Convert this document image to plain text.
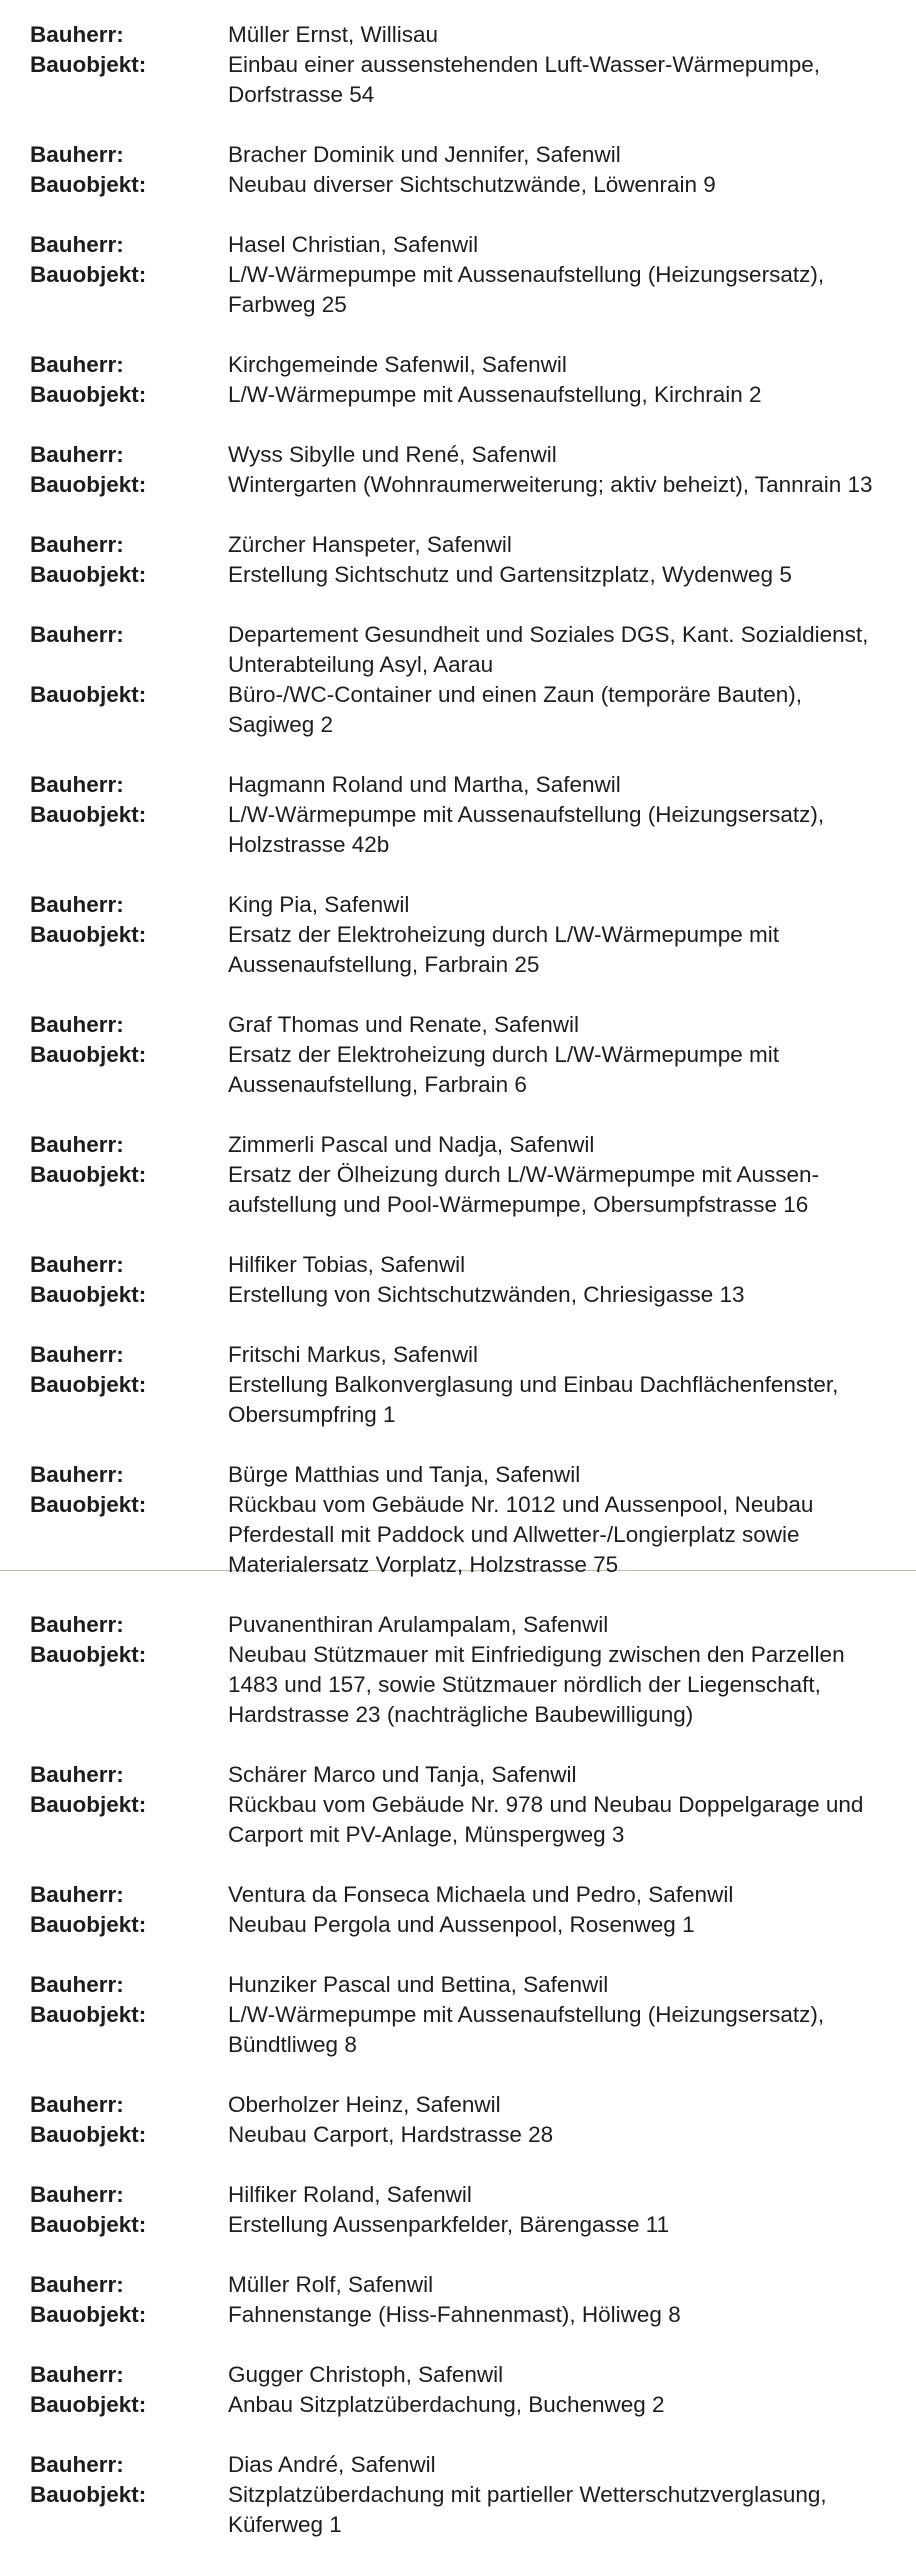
Bauherr:	Müller Ernst, Willisau
Bauobjekt:	Einbau einer aussenstehenden Luft-Wasser-Wärmepumpe,
Dorfstrasse 54
Bauherr:	Bracher Dominik und Jennifer, Safenwil
Bauobjekt:	Neubau diverser Sichtschutzwände, Löwenrain 9
Bauherr:	Hasel Christian, Safenwil
Bauobjekt:	L/W-Wärmepumpe mit Aussenaufstellung (Heizungsersatz),
Farbweg 25
Bauherr:	Kirchgemeinde Safenwil, Safenwil
Bauobjekt:	L/W-Wärmepumpe mit Aussenaufstellung, Kirchrain 2
Bauherr:	Wyss Sibylle und René, Safenwil
Bauobjekt:	Wintergarten (Wohnraumerweiterung; aktiv beheizt), Tannrain 13
Bauherr:	Zürcher Hanspeter, Safenwil
Bauobjekt:	Erstellung Sichtschutz und Gartensitzplatz, Wydenweg 5
Bauherr:	Departement Gesundheit und Soziales DGS, Kant. Sozialdienst,
Unterabteilung Asyl, Aarau
Bauobjekt:	Büro-/WC-Container und einen Zaun (temporäre Bauten),
Sagiweg 2
Bauherr:	Hagmann Roland und Martha, Safenwil
Bauobjekt:	L/W-Wärmepumpe mit Aussenaufstellung (Heizungsersatz),
Holzstrasse 42b
Bauherr:	King Pia, Safenwil
Bauobjekt:	Ersatz der Elektroheizung durch L/W-Wärmepumpe mit
Aussenaufstellung, Farbrain 25
Bauherr:	Graf Thomas und Renate, Safenwil
Bauobjekt:	Ersatz der Elektroheizung durch L/W-Wärmepumpe mit
Aussenaufstellung, Farbrain 6
Bauherr:	Zimmerli Pascal und Nadja, Safenwil
Bauobjekt:	Ersatz der Ölheizung durch L/W-Wärmepumpe mit Aussen-
aufstellung und Pool-Wärmepumpe, Obersumpfstrasse 16
Bauherr:	Hilfiker Tobias, Safenwil
Bauobjekt:	Erstellung von Sichtschutzwänden, Chriesigasse 13
Bauherr:	Fritschi Markus, Safenwil
Bauobjekt:	Erstellung Balkonverglasung und Einbau Dachflächenfenster,
Obersumpfring 1
Bauherr:	Bürge Matthias und Tanja, Safenwil
Bauobjekt:	Rückbau vom Gebäude Nr. 1012 und Aussenpool, Neubau
Pferdestall mit Paddock und Allwetter-/Longierplatz sowie
Materialersatz Vorplatz, Holzstrasse 75
Bauherr:	Puvanenthiran Arulampalam, Safenwil
Bauobjekt:	Neubau Stützmauer mit Einfriedigung zwischen den Parzellen
1483 und 157, sowie Stützmauer nördlich der Liegenschaft,
Hardstrasse 23 (nachträgliche Baubewilligung)
Bauherr:	Schärer Marco und Tanja, Safenwil
Bauobjekt:	Rückbau vom Gebäude Nr. 978 und Neubau Doppelgarage und
Carport mit PV-Anlage, Münspergweg 3
Bauherr:	Ventura da Fonseca Michaela und Pedro, Safenwil
Bauobjekt:	Neubau Pergola und Aussenpool, Rosenweg 1
Bauherr:	Hunziker Pascal und Bettina, Safenwil
Bauobjekt:	L/W-Wärmepumpe mit Aussenaufstellung (Heizungsersatz),
Bündtliweg 8
Bauherr:	Oberholzer Heinz, Safenwil
Bauobjekt:	Neubau Carport, Hardstrasse 28
Bauherr:	Hilfiker Roland, Safenwil
Bauobjekt:	Erstellung Aussenparkfelder, Bärengasse 11
Bauherr:	Müller Rolf, Safenwil
Bauobjekt:	Fahnenstange (Hiss-Fahnenmast), Höliweg 8
Bauherr:	Gugger Christoph, Safenwil
Bauobjekt:	Anbau Sitzplatzüberdachung, Buchenweg 2
Bauherr:	Dias André, Safenwil
Bauobjekt:	Sitzplatzüberdachung mit partieller Wetterschutzverglasung,
Küferweg 1
